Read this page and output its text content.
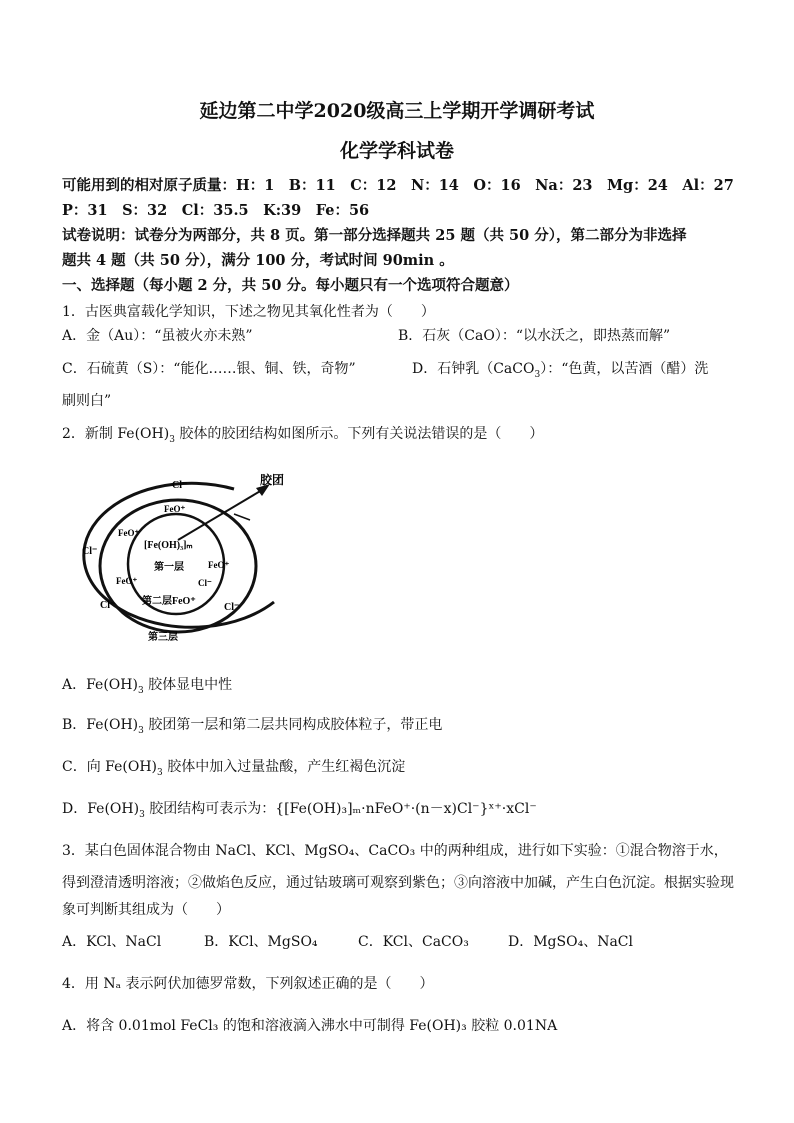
延边第二中学2020级高三上学期开学调研考试
化学学科试卷
可能用到的相对原子质量：H：1　B：11　C：12　N：14　O：16　Na：23　Mg：24　Al：27
P：31　S：32　Cl：35.5　K:39　Fe：56
试卷说明：试卷分为两部分，共 8 页。第一部分选择题共 25 题（共 50 分），第二部分为非选择
题共 4 题（共 50 分），满分 100 分，考试时间 90min 。
一、选择题（每小题 2 分，共 50 分。每小题只有一个选项符合题意）
1．古医典富载化学知识，下述之物见其氧化性者为（　　）
A．金（Au）：“虽被火亦未熟”	B．石灰（CaO）：“以水沃之，即热蒸而解”
C．石硫黄（S）：“能化……银、铜、铁，奇物”	D．石钟乳（CaCO$_3$）：“色黄，以苦酒（醋）洗
刷则白”
2．新制 $Fe(OH)_3$ 胶体的胶团结构如图所示。下列有关说法错误的是（　　）
胶团
[Fe(OH)₃]ₘ
第一层
第二层FeO⁺
第三层
FeO⁺
FeO⁺
FeO⁺
FeO⁺
Cl⁻
Cl⁻
Cl⁻
Cl⁻	Cl⁻
A．$Fe(OH)_3$ 胶体显电中性
B．$Fe(OH)_3$ 胶团第一层和第二层共同构成胶体粒子，带正电
C．向 $Fe(OH)_3$ 胶体中加入过量盐酸，产生红褐色沉淀
D．$Fe(OH)_3$ 胶团结构可表示为：{[Fe(OH)₃]ₘ·nFeO⁺·(n－x)Cl⁻}ˣ⁺·xCl⁻
3．某白色固体混合物由 NaCl、KCl、MgSO₄、CaCO₃ 中的两种组成，进行如下实验：①混合物溶于水，
得到澄清透明溶液；②做焰色反应，通过钴玻璃可观察到紫色；③向溶液中加碱，产生白色沉淀。根据实验现
象可判断其组成为（　　）
A．KCl、NaCl	B．KCl、MgSO₄	C．KCl、CaCO₃	D．MgSO₄、NaCl
4．用 Nₐ 表示阿伏加德罗常数，下列叙述正确的是（　　）
A．将含 0.01mol FeCl₃ 的饱和溶液滴入沸水中可制得 Fe(OH)₃ 胶粒 0.01NA
